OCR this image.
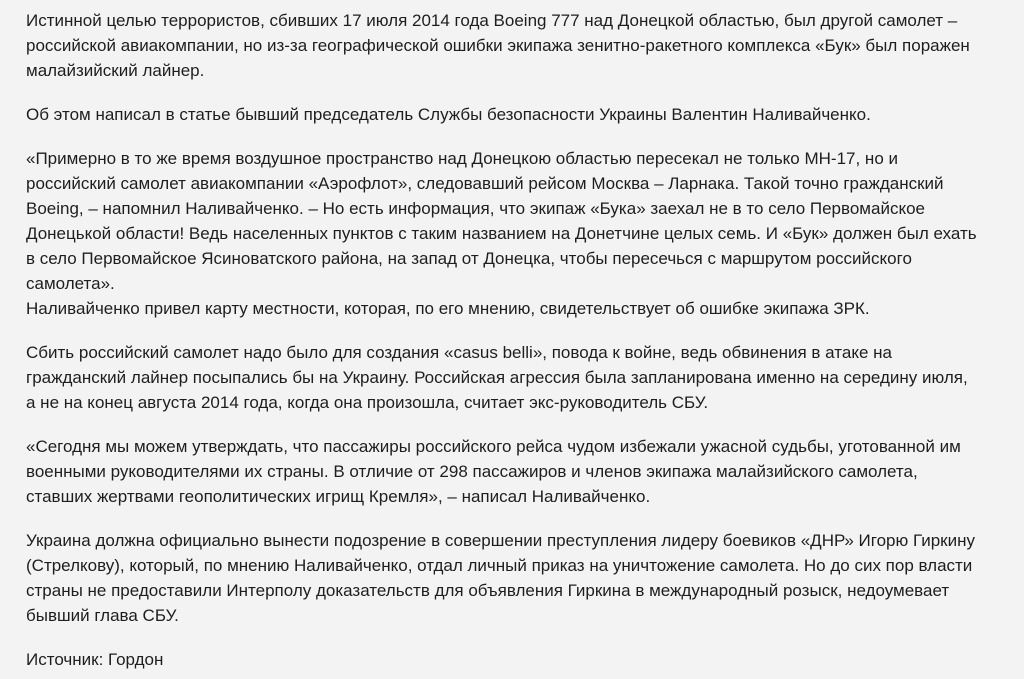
Истинной целью террористов, сбивших 17 июля 2014 года Boeing 777 над Донецкой областью, был другой самолет –
российской авиакомпании, но из-за географической ошибки экипажа зенитно-ракетного комплекса «Бук» был поражен
малайзийский лайнер.

Об этом написал в статье бывший председатель Службы безопасности Украины Валентин Наливайченко.

«Примерно в то же время воздушное пространство над Донецкою областью пересекал не только МН-17, но и
российский самолет авиакомпании «Аэрофлот», следовавший рейсом Москва – Ларнака. Такой точно гражданский
Boeing, – напомнил Наливайченко. – Но есть информация, что экипаж «Бука» заехал не в то село Первомайское
Донецькой области! Ведь населенных пунктов с таким названием на Донетчине целых семь. И «Бук» должен был ехать
в село Первомайское Ясиноватского района, на запад от Донецка, чтобы пересечься с маршрутом российского
самолета».
Наливайченко привел карту местности, которая, по его мнению, свидетельствует об ошибке экипажа ЗРК.

Сбить российский самолет надо было для создания «casus belli», повода к войне, ведь обвинения в атаке на
гражданский лайнер посыпались бы на Украину. Российская агрессия была запланирована именно на середину июля,
а не на конец августа 2014 года, когда она произошла, считает экс-руководитель СБУ.

«Сегодня мы можем утверждать, что пассажиры российского рейса чудом избежали ужасной судьбы, уготованной им
военными руководителями их страны. В отличие от 298 пассажиров и членов экипажа малайзийского самолета,
ставших жертвами геополитических игрищ Кремля», – написал Наливайченко.

Украина должна официально вынести подозрение в совершении преступления лидеру боевиков «ДНР» Игорю Гиркину
(Стрелкову), который, по мнению Наливайченко, отдал личный приказ на уничтожение самолета. Но до сих пор власти
страны не предоставили Интерполу доказательств для объявления Гиркина в международный розыск, недоумевает
бывший глава СБУ.

Источник: Гордон
